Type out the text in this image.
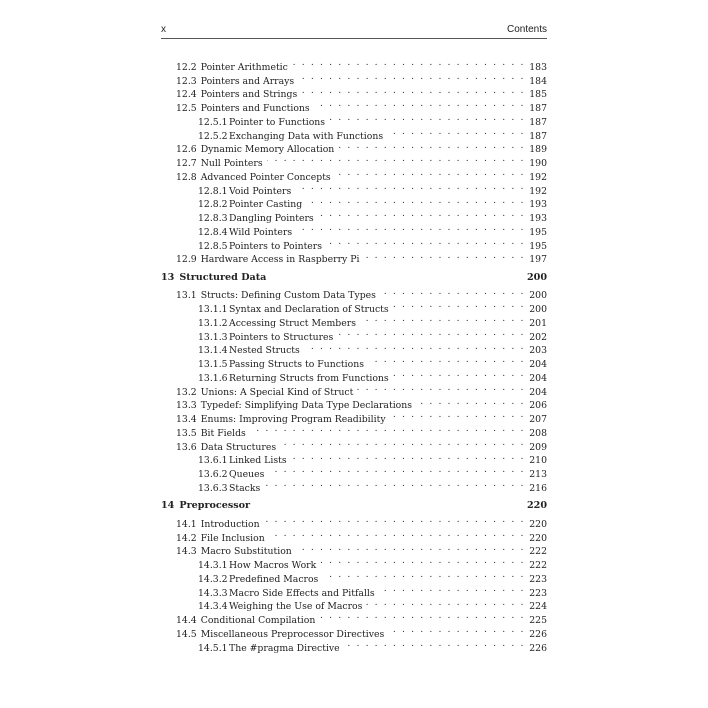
x	Contents
12.2 Pointer Arithmetic . . .	183
12.3 Pointers and Arrays . . .	184
12.4 Pointers and Strings . . .	185
12.5 Pointers and Functions . . .	187
12.5.1 Pointer to Functions . . .	187
12.5.2 Exchanging Data with Functions . . .	187
12.6 Dynamic Memory Allocation . . .	189
12.7 Null Pointers . . .	190
12.8 Advanced Pointer Concepts . . .	192
12.8.1 Void Pointers . . .	192
12.8.2 Pointer Casting . . .	193
12.8.3 Dangling Pointers . . .	193
12.8.4 Wild Pointers . . .	195
12.8.5 Pointers to Pointers . . .	195
12.9 Hardware Access in Raspberry Pi . . .	197
13 Structured Data	200
13.1 Structs: Defining Custom Data Types . . .	200
13.1.1 Syntax and Declaration of Structs . . .	200
13.1.2 Accessing Struct Members . . .	201
13.1.3 Pointers to Structures . . .	202
13.1.4 Nested Structs . . .	203
13.1.5 Passing Structs to Functions . . .	204
13.1.6 Returning Structs from Functions . . .	204
13.2 Unions: A Special Kind of Struct . . .	204
13.3 Typedef: Simplifying Data Type Declarations . . .	206
13.4 Enums: Improving Program Readibility . . .	207
13.5 Bit Fields . . .	208
13.6 Data Structures . . .	209
13.6.1 Linked Lists . . .	210
13.6.2 Queues . . .	213
13.6.3 Stacks . . .	216
14 Preprocessor	220
14.1 Introduction . . .	220
14.2 File Inclusion . . .	220
14.3 Macro Substitution . . .	222
14.3.1 How Macros Work . . .	222
14.3.2 Predefined Macros . . .	223
14.3.3 Macro Side Effects and Pitfalls . . .	223
14.3.4 Weighing the Use of Macros . . .	224
14.4 Conditional Compilation . . .	225
14.5 Miscellaneous Preprocessor Directives . . .	226
14.5.1 The #pragma Directive . . .	226
